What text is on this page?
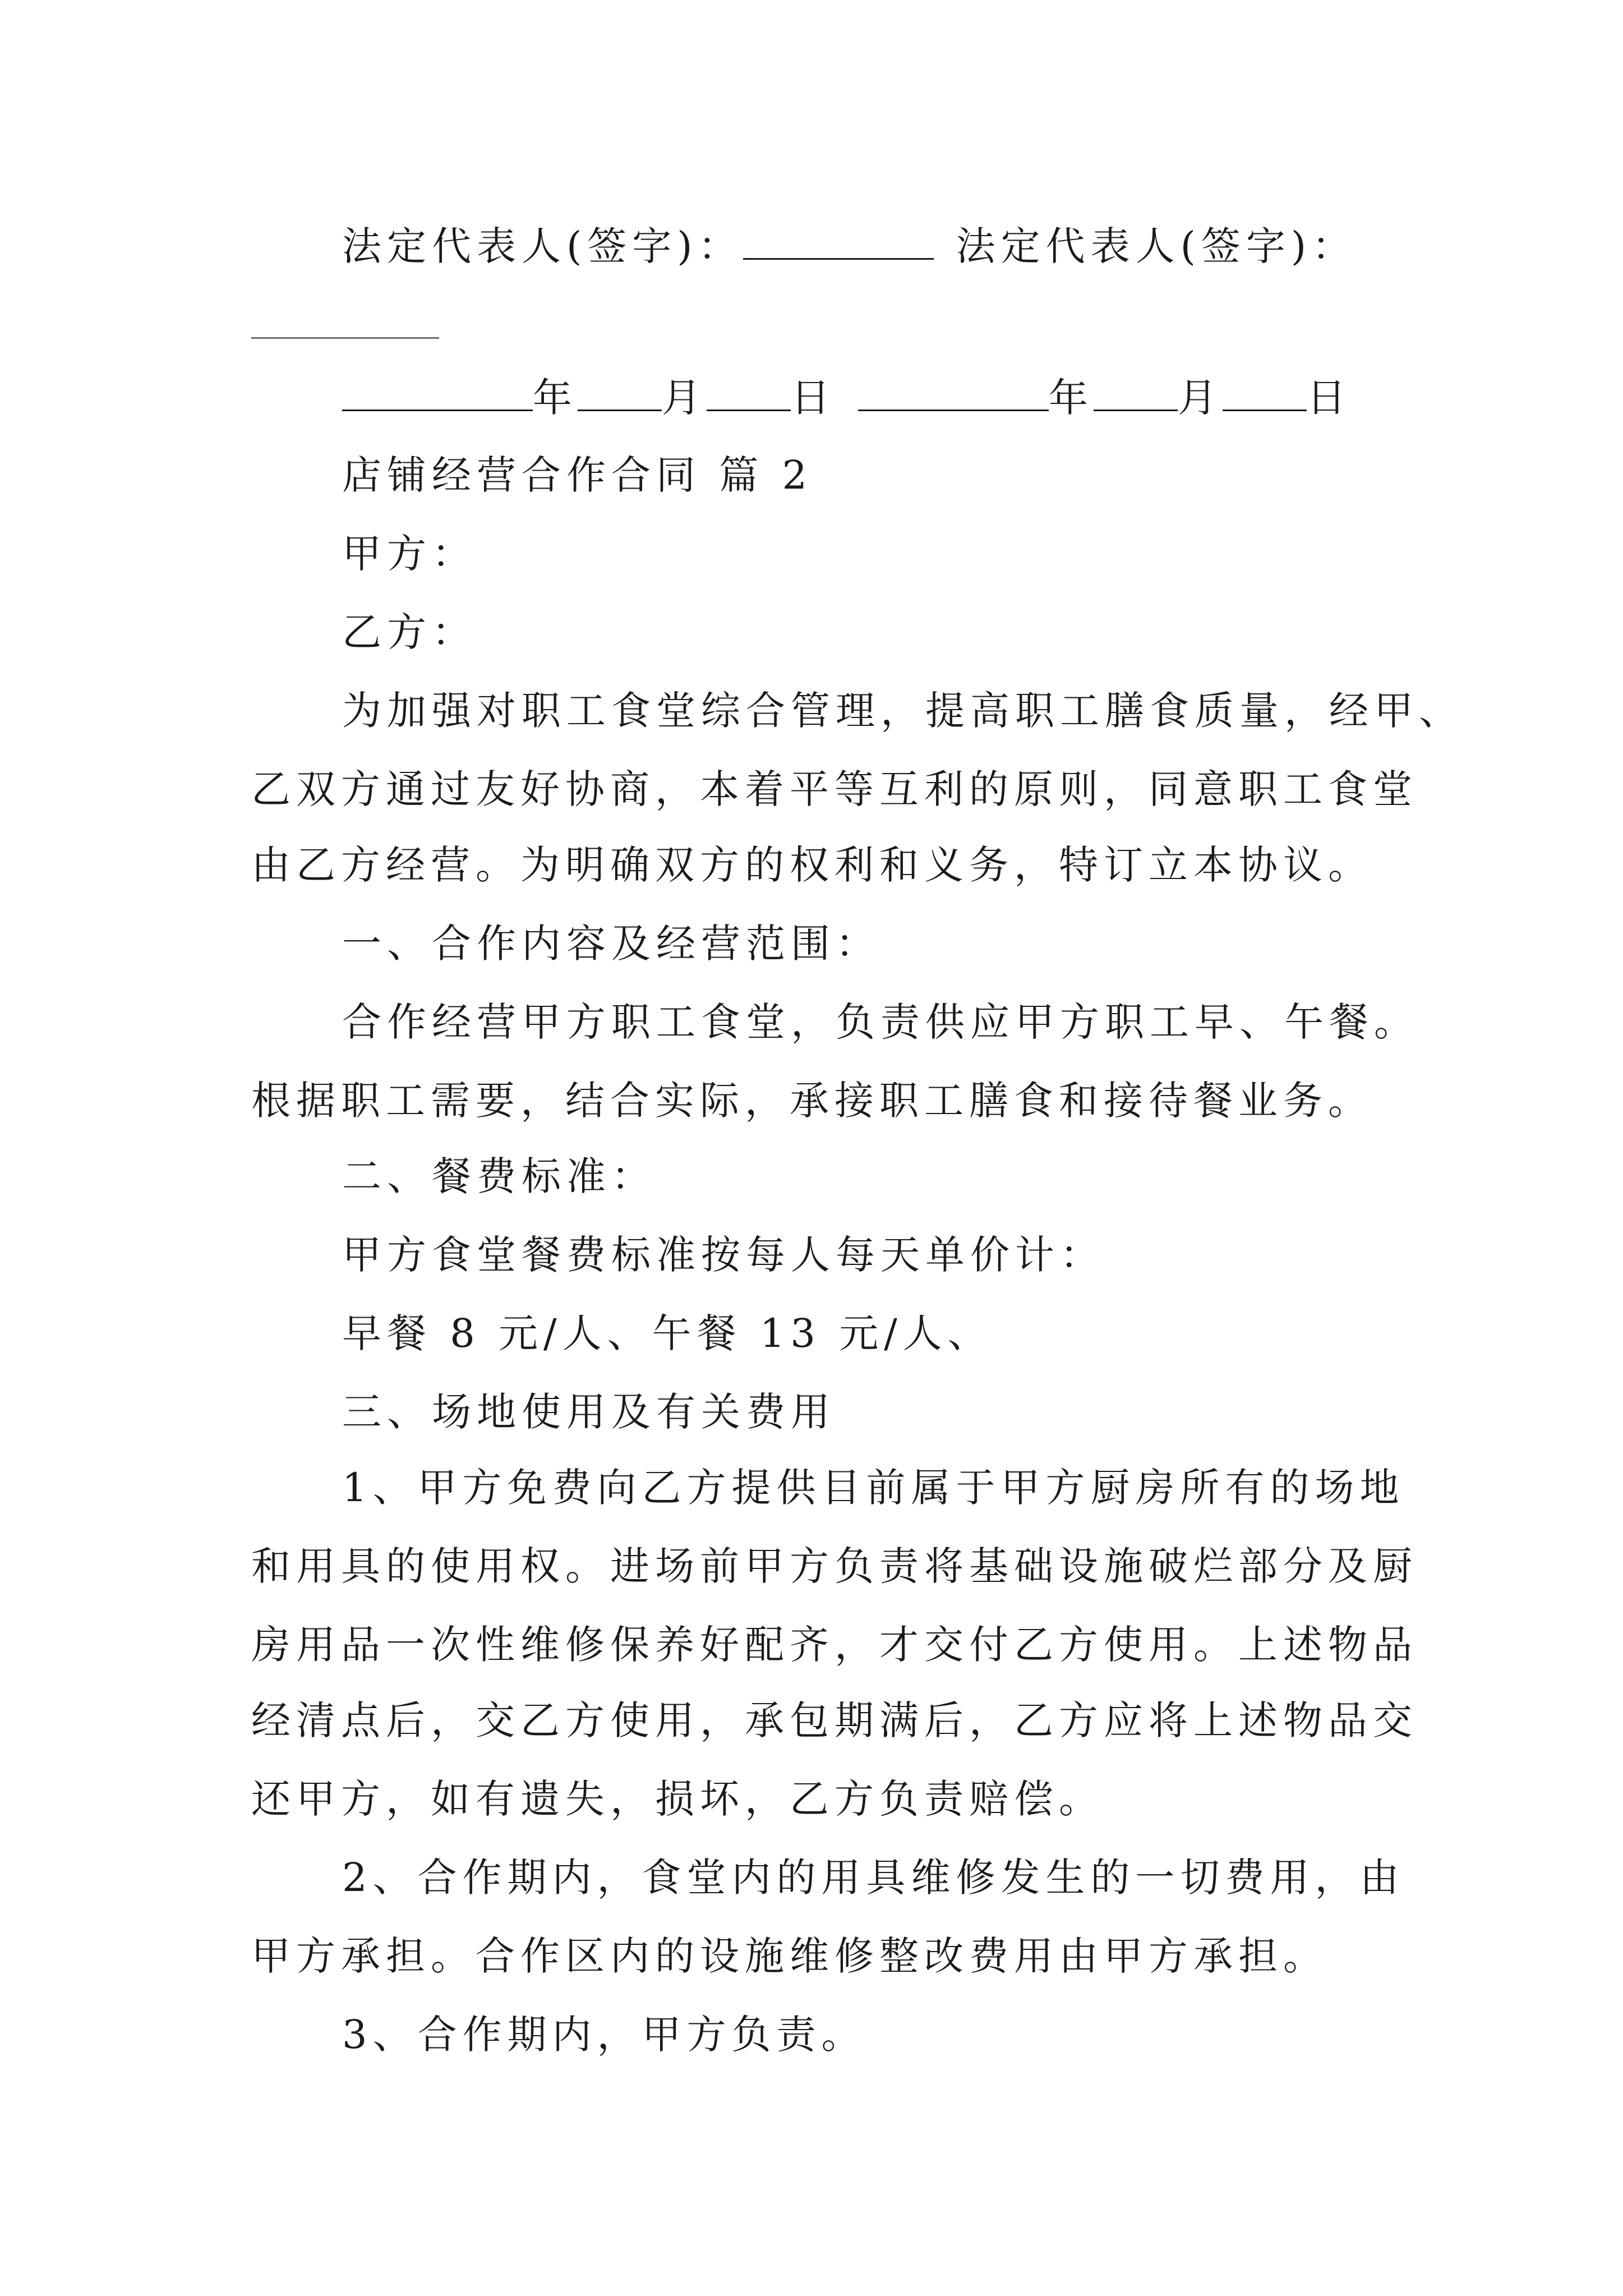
法定代表人(签字)：	法定代表人(签字)：
年 月 日	年 月 日
店铺经营合作合同 篇 2
甲方：
乙方：
为加强对职工食堂综合管理，提高职工膳食质量，经甲、
乙双方通过友好协商，本着平等互利的原则，同意职工食堂
由乙方经营。为明确双方的权利和义务，特订立本协议。
一、合作内容及经营范围：
合作经营甲方职工食堂，负责供应甲方职工早、午餐。
根据职工需要，结合实际，承接职工膳食和接待餐业务。
二、餐费标准：
甲方食堂餐费标准按每人每天单价计：
早餐 8 元/人、午餐 13 元/人、
三、场地使用及有关费用
1、甲方免费向乙方提供目前属于甲方厨房所有的场地
和用具的使用权。进场前甲方负责将基础设施破烂部分及厨
房用品一次性维修保养好配齐，才交付乙方使用。上述物品
经清点后，交乙方使用，承包期满后，乙方应将上述物品交
还甲方，如有遗失，损坏，乙方负责赔偿。
2、合作期内，食堂内的用具维修发生的一切费用，由
甲方承担。合作区内的设施维修整改费用由甲方承担。
3、合作期内，甲方负责。
